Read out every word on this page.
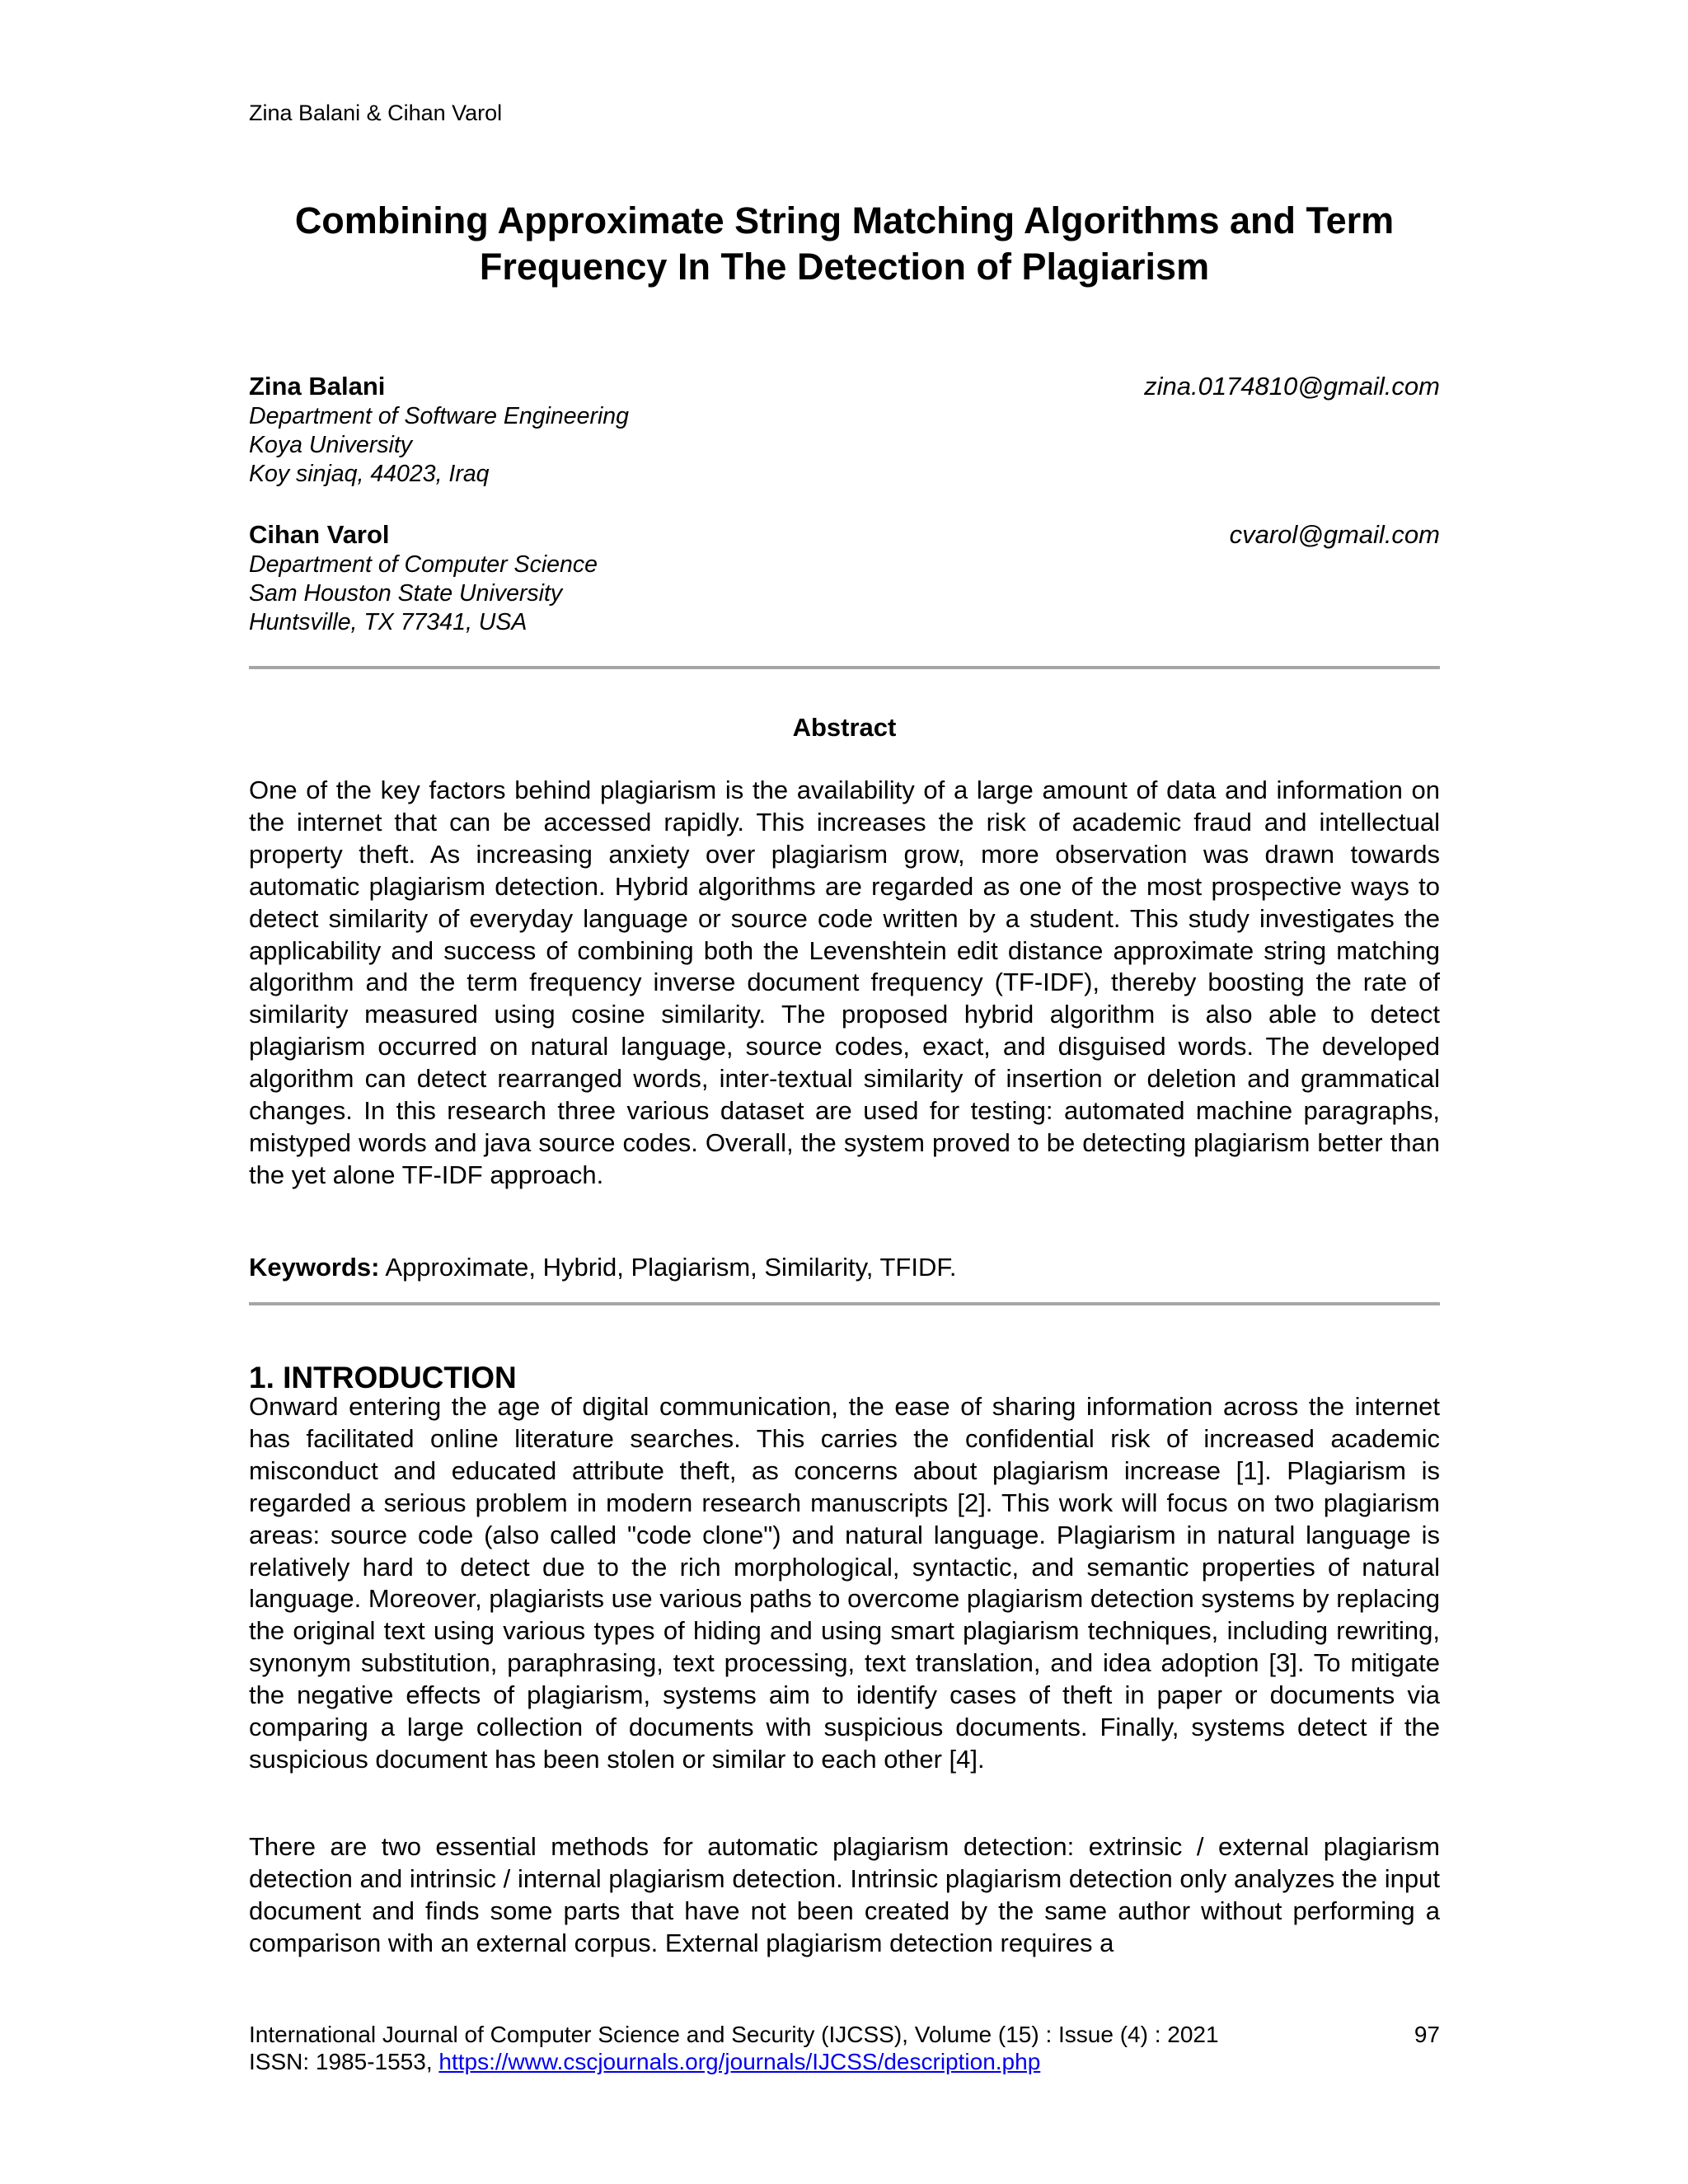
Zina Balani & Cihan Varol
Combining Approximate String Matching Algorithms and Term Frequency In The Detection of Plagiarism
Zina Balani	zina.0174810@gmail.com
Department of Software Engineering
Koya University
Koy sinjaq, 44023, Iraq
Cihan Varol	cvarol@gmail.com
Department of Computer Science
Sam Houston State University
Huntsville, TX 77341, USA
Abstract

One of the key factors behind plagiarism is the availability of a large amount of data and information on the internet that can be accessed rapidly. This increases the risk of academic fraud and intellectual property theft. As increasing anxiety over plagiarism grow, more observation was drawn towards automatic plagiarism detection. Hybrid algorithms are regarded as one of the most prospective ways to detect similarity of everyday language or source code written by a student. This study investigates the applicability and success of combining both the Levenshtein edit distance approximate string matching algorithm and the term frequency inverse document frequency (TF-IDF), thereby boosting the rate of similarity measured using cosine similarity. The proposed hybrid algorithm is also able to detect plagiarism occurred on natural language, source codes, exact, and disguised words. The developed algorithm can detect rearranged words, inter-textual similarity of insertion or deletion and grammatical changes. In this research three various dataset are used for testing: automated machine paragraphs, mistyped words and java source codes. Overall, the system proved to be detecting plagiarism better than the yet alone TF-IDF approach.

Keywords: Approximate, Hybrid, Plagiarism, Similarity, TFIDF.

1. INTRODUCTION

Onward entering the age of digital communication, the ease of sharing information across the internet has facilitated online literature searches. This carries the confidential risk of increased academic misconduct and educated attribute theft, as concerns about plagiarism increase [1]. Plagiarism is regarded a serious problem in modern research manuscripts [2]. This work will focus on two plagiarism areas: source code (also called "code clone") and natural language. Plagiarism in natural language is relatively hard to detect due to the rich morphological, syntactic, and semantic properties of natural language. Moreover, plagiarists use various paths to overcome plagiarism detection systems by replacing the original text using various types of hiding and using smart plagiarism techniques, including rewriting, synonym substitution, paraphrasing, text processing, text translation, and idea adoption [3]. To mitigate the negative effects of plagiarism, systems aim to identify cases of theft in paper or documents via comparing a large collection of documents with suspicious documents. Finally, systems detect if the suspicious document has been stolen or similar to each other [4].

There are two essential methods for automatic plagiarism detection: extrinsic / external plagiarism detection and intrinsic / internal plagiarism detection. Intrinsic plagiarism detection only analyzes the input document and finds some parts that have not been created by the same author without performing a comparison with an external corpus. External plagiarism detection requires a

International Journal of Computer Science and Security (IJCSS), Volume (15) : Issue (4) : 2021	97
ISSN: 1985-1553, https://www.cscjournals.org/journals/IJCSS/description.php
